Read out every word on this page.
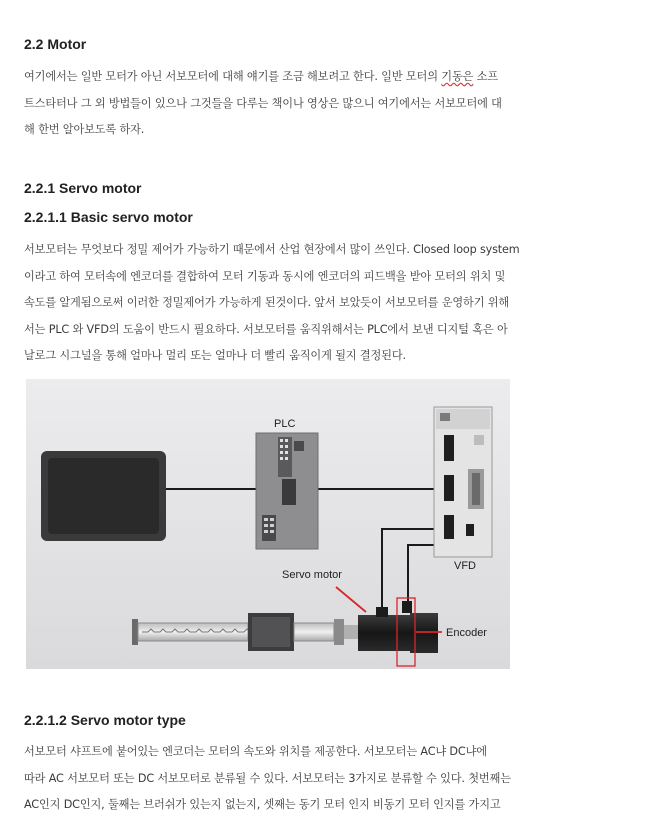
2.2 Motor
여기에서는 일반 모터가 아닌 서보모터에 대해 얘기를 조금 해보려고 한다. 일반 모터의 기동은 소프
트스타터나 그 외 방법들이 있으나 그것들을 다루는 책이나 영상은 많으니 여기에서는 서보모터에 대
해 한번 알아보도록 하자.
2.2.1 Servo motor
2.2.1.1 Basic servo motor
서보모터는 무엇보다 정밀 제어가 가능하기 때문에서 산업 현장에서 많이 쓰인다. Closed loop system
이라고 하여 모터속에 엔코더를 결합하여 모터 기동과 동시에 엔코더의 피드백을 받아 모터의 위치 및
속도를 알게됨으로써 이러한 정밀제어가 가능하게 된것이다. 앞서 보았듯이 서보모터를 운영하기 위해
서는 PLC 와 VFD의 도움이 반드시 필요하다. 서보모터를 움직위해서는 PLC에서 보낸 디지털 혹은 아
날로그 시그널을 통해 얼마나 멀리 또는 얼마나 더 빨리 움직이게 될지 결정된다.
PLC
VFD
Servo motor
Encoder
2.2.1.2 Servo motor type
서보모터 샤프트에 붙어있는 엔코더는 모터의 속도와 위치를 제공한다. 서보모터는 AC냐 DC냐에
따라 AC 서보모터 또는 DC 서보모터로 분류될 수 있다. 서보모터는 3가지로 분류할 수 있다. 첫번째는
AC인지 DC인지, 둘째는 브러쉬가 있는지 없는지, 셋째는 동기 모터 인지 비동기 모터 인지를 가지고
